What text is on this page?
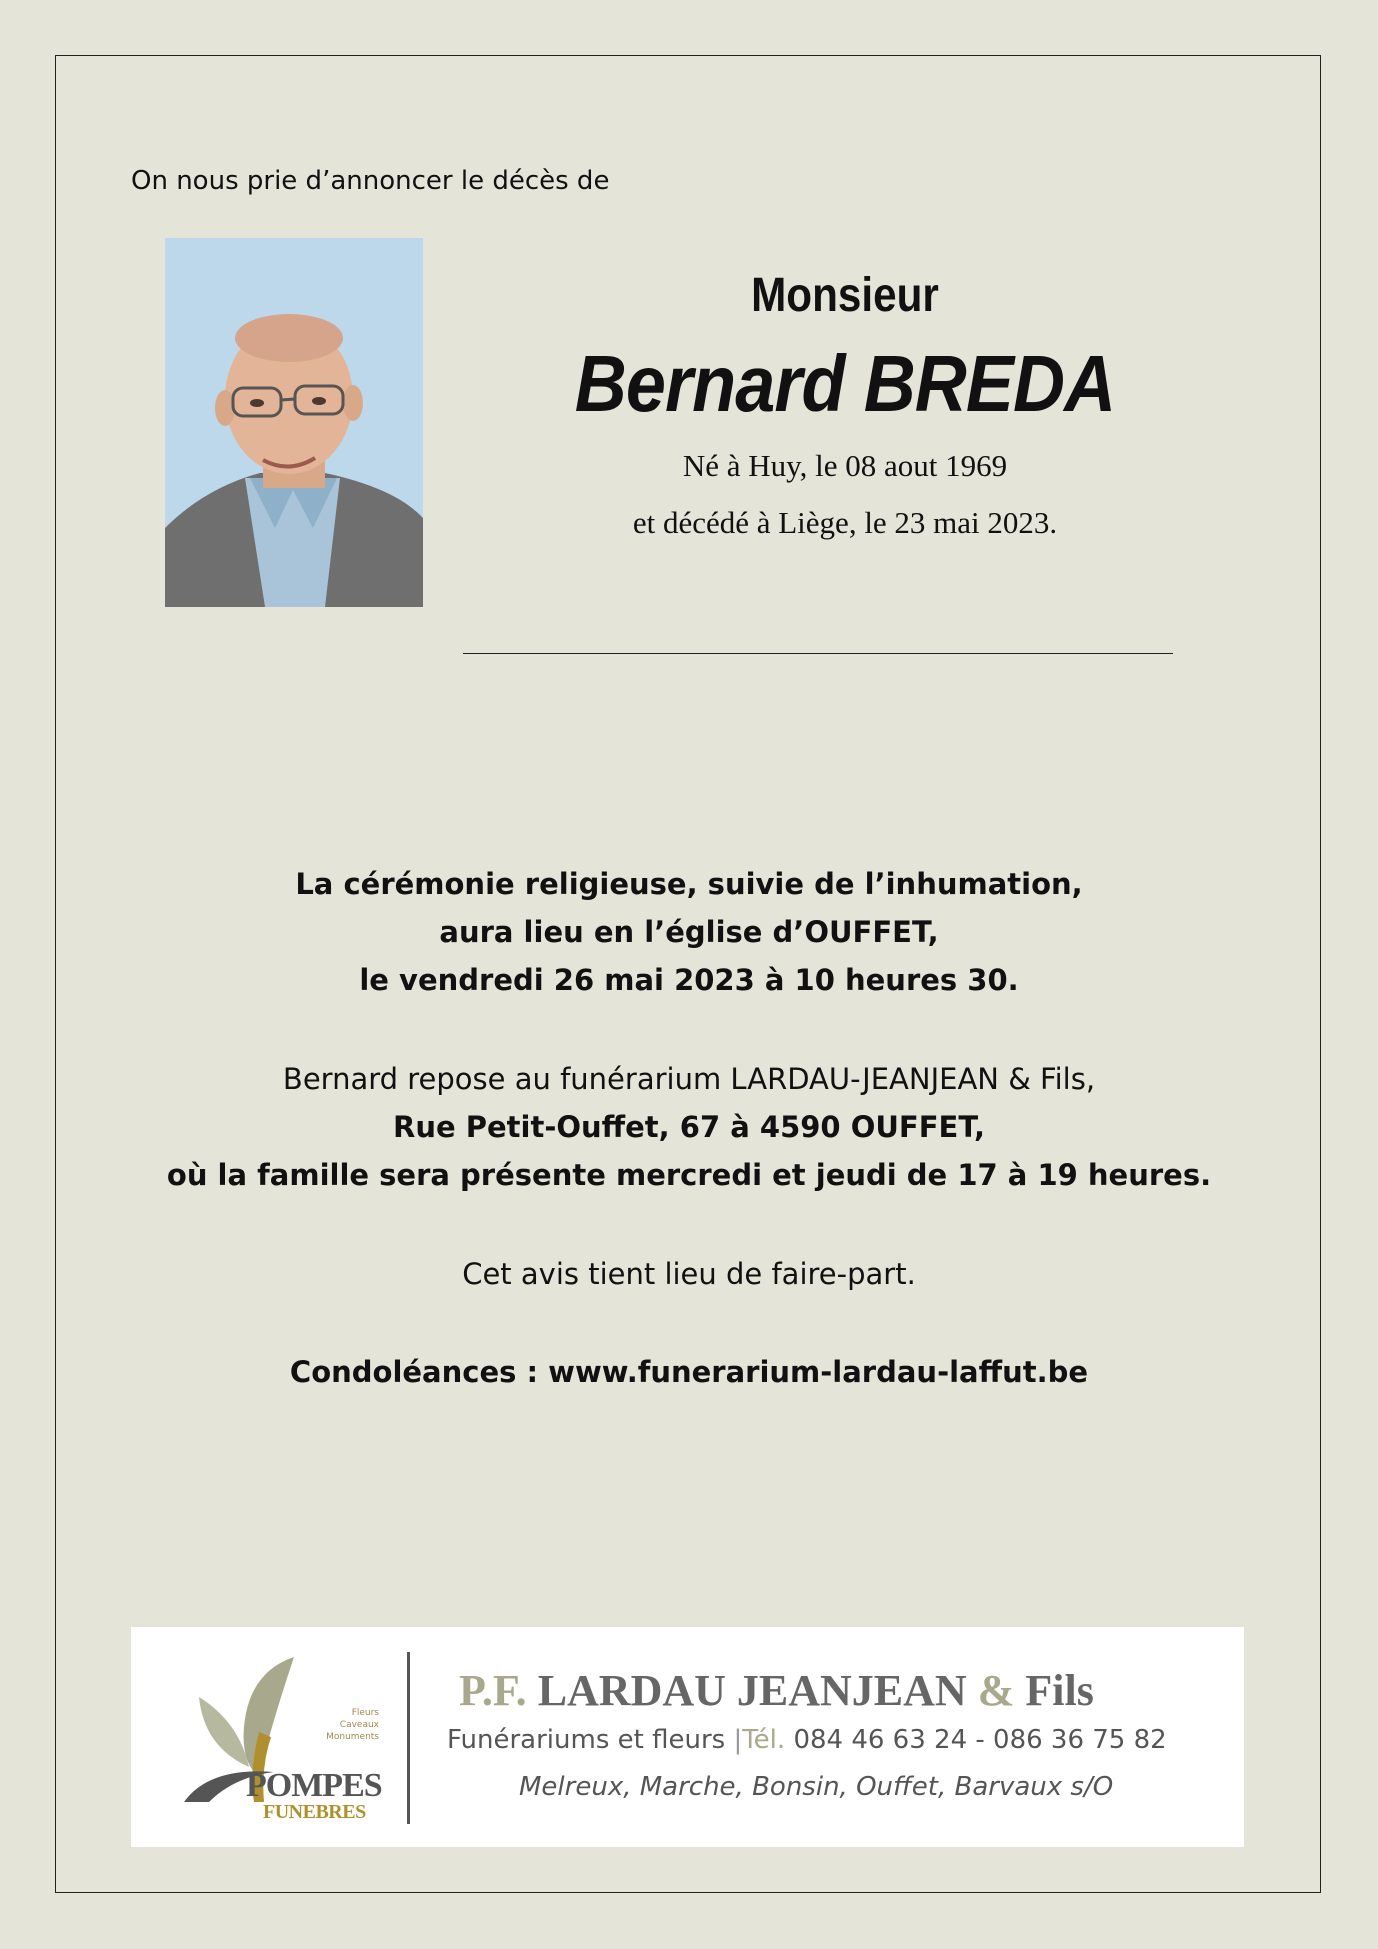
On nous prie d’annoncer le décès de
Monsieur
Bernard BREDA
Né à Huy, le 08 aout 1969
et décédé à Liège, le 23 mai 2023.
La cérémonie religieuse, suivie de l’inhumation,
aura lieu en l’église d’OUFFET,
le vendredi 26 mai 2023 à 10 heures 30.
Bernard repose au funérarium LARDAU-JEANJEAN & Fils,
Rue Petit-Ouffet, 67 à 4590 OUFFET,
où la famille sera présente mercredi et jeudi de 17 à 19 heures.
Cet avis tient lieu de faire-part.
Condoléances : www.funerarium-lardau-laffut.be
Fleurs
Caveaux
Monuments
POMPES
FUNEBRES
P.F. LARDAU JEANJEAN & Fils
Funérariums et fleurs |Tél. 084 46 63 24 - 086 36 75 82
Melreux, Marche, Bonsin, Ouffet, Barvaux s/O
